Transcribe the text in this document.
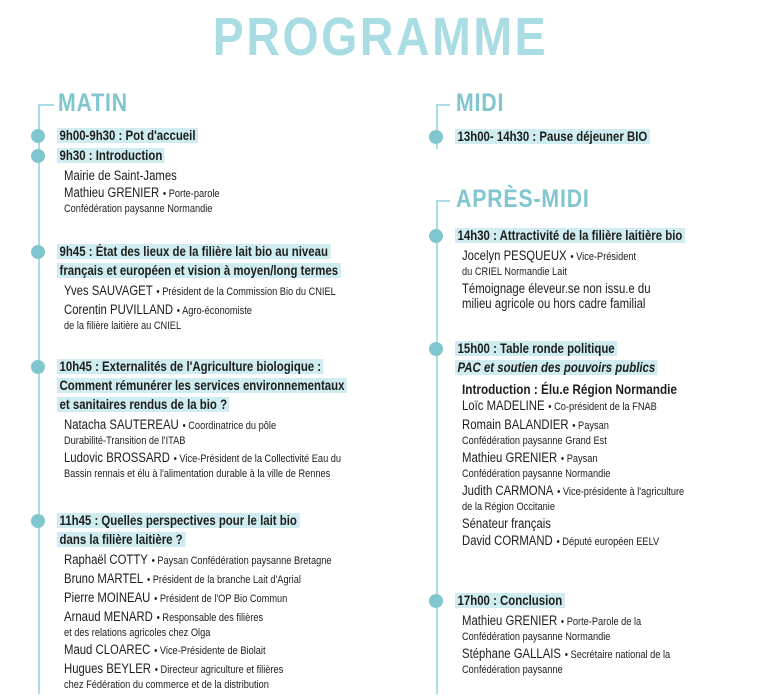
PROGRAMME
MATIN
9h00-9h30 : Pot d'accueil
9h30 : Introduction
Mairie de Saint-James
Mathieu GRENIER • Porte-parole
Confédération paysanne Normandie
9h45 : État des lieux de la filière lait bio au niveau
français et européen et vision à moyen/long termes
Yves SAUVAGET • Président de la Commission Bio du CNIEL
Corentin PUVILLAND • Agro-économiste
de la filière laitière au CNIEL
10h45 : Externalités de l'Agriculture biologique :
Comment rémunérer les services environnementaux
et sanitaires rendus de la bio ?
Natacha SAUTEREAU • Coordinatrice du pôle
Durabilité-Transition de l'ITAB
Ludovic BROSSARD • Vice-Président de la Collectivité Eau du
Bassin rennais et élu à l'alimentation durable à la ville de Rennes
11h45 : Quelles perspectives pour le lait bio
dans la filière laitière ?
Raphaël COTTY • Paysan Confédération paysanne Bretagne
Bruno MARTEL • Président de la branche Lait d'Agrial
Pierre MOINEAU • Président de l'OP Bio Commun
Arnaud MENARD • Responsable des filières
et des relations agricoles chez Olga
Maud CLOAREC • Vice-Présidente de Biolait
Hugues BEYLER • Directeur agriculture et filières
chez Fédération du commerce et de la distribution
MIDI
13h00- 14h30 : Pause déjeuner BIO
APRÈS-MIDI
14h30 : Attractivité de la filière laitière bio
Jocelyn PESQUEUX • Vice-Président
du CRIEL Normandie Lait
Témoignage éleveur.se non issu.e du
milieu agricole ou hors cadre familial
15h00 : Table ronde politique
PAC et soutien des pouvoirs publics
Introduction : Élu.e Région Normandie
Loïc MADELINE • Co-président de la FNAB
Romain BALANDIER • Paysan
Confédération paysanne Grand Est
Mathieu GRENIER • Paysan
Confédération paysanne Normandie
Judith CARMONA • Vice-présidente à l'agriculture
de la Région Occitanie
Sénateur français
David CORMAND • Député européen EELV
17h00 : Conclusion
Mathieu GRENIER • Porte-Parole de la
Confédération paysanne Normandie
Stéphane GALLAIS • Secrétaire national de la
Confédération paysanne
